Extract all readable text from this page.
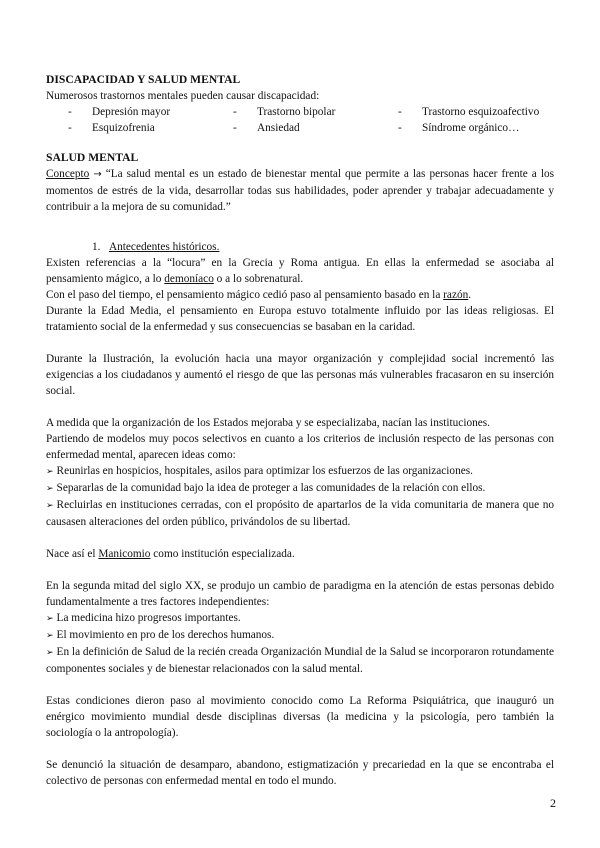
DISCAPACIDAD Y SALUD MENTAL

Numerosos trastornos mentales pueden causar discapacidad:

-	Depresión mayor	-	Trastorno bipolar	-	Trastorno esquizoafectivo
-	Esquizofrenia	-	Ansiedad	-	Síndrome orgánico…
SALUD MENTAL

Concepto → “La salud mental es un estado de bienestar mental que permite a las personas hacer frente a los momentos de estrés de la vida, desarrollar todas sus habilidades, poder aprender y trabajar adecuadamente y contribuir a la mejora de su comunidad.”

1. Antecedentes históricos.

Existen referencias a la “locura” en la Grecia y Roma antigua. En ellas la enfermedad se asociaba al pensamiento mágico, a lo demoníaco o a lo sobrenatural.

Con el paso del tiempo, el pensamiento mágico cedió paso al pensamiento basado en la razón.

Durante la Edad Media, el pensamiento en Europa estuvo totalmente influido por las ideas religiosas. El tratamiento social de la enfermedad y sus consecuencias se basaban en la caridad.

Durante la Ilustración, la evolución hacia una mayor organización y complejidad social incrementó las exigencias a los ciudadanos y aumentó el riesgo de que las personas más vulnerables fracasaron en su inserción social.

A medida que la organización de los Estados mejoraba y se especializaba, nacían las instituciones.

Partiendo de modelos muy pocos selectivos en cuanto a los criterios de inclusión respecto de las personas con enfermedad mental, aparecen ideas como:

➢ Reunirlas en hospicios, hospitales, asilos para optimizar los esfuerzos de las organizaciones.

➢ Separarlas de la comunidad bajo la idea de proteger a las comunidades de la relación con ellos.

➢ Recluirlas en instituciones cerradas, con el propósito de apartarlos de la vida comunitaria de manera que no causasen alteraciones del orden público, privándolos de su libertad.

Nace así el Manicomio como institución especializada.

En la segunda mitad del siglo XX, se produjo un cambio de paradigma en la atención de estas personas debido fundamentalmente a tres factores independientes:

➢ La medicina hizo progresos importantes.

➢ El movimiento en pro de los derechos humanos.

➢ En la definición de Salud de la recién creada Organización Mundial de la Salud se incorporaron rotundamente componentes sociales y de bienestar relacionados con la salud mental.

Estas condiciones dieron paso al movimiento conocido como La Reforma Psiquiátrica, que inauguró un enérgico movimiento mundial desde disciplinas diversas (la medicina y la psicología, pero también la sociología o la antropología).

Se denunció la situación de desamparo, abandono, estigmatización y precariedad en la que se encontraba el colectivo de personas con enfermedad mental en todo el mundo.

2
